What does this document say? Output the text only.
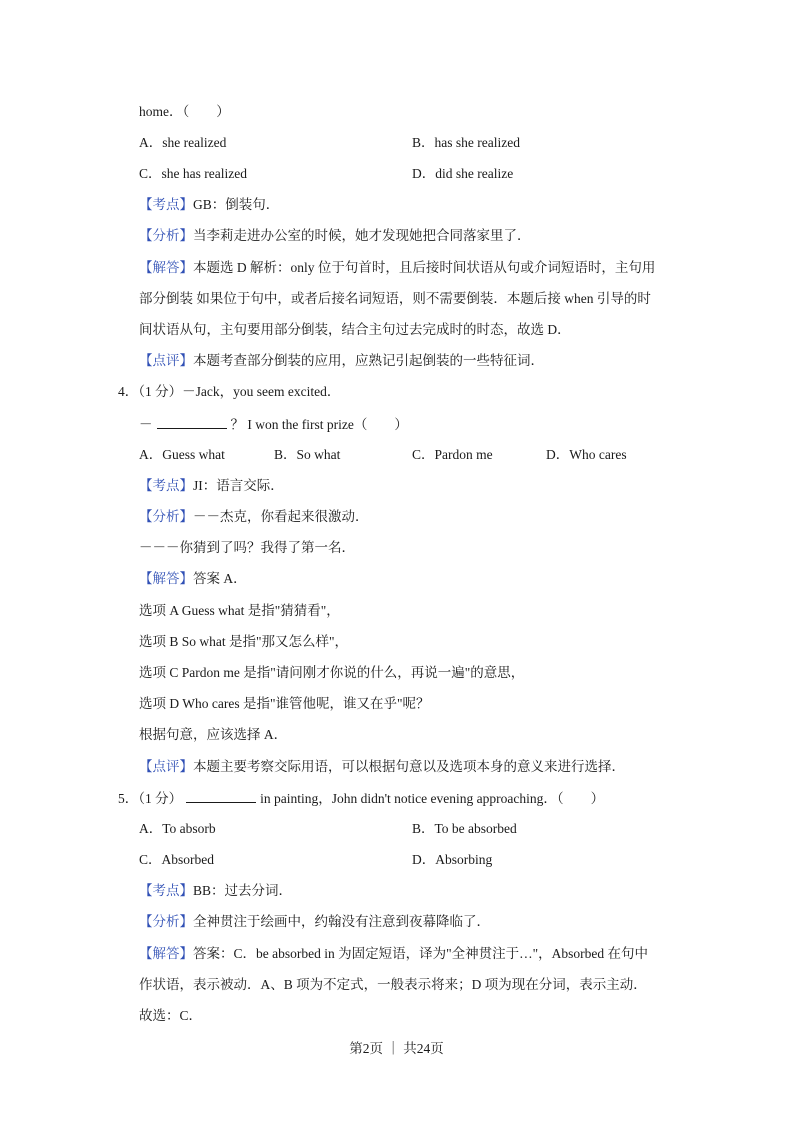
home．（　　）
A．she realized	B．has she realized
C．she has realized	D．did she realize
【考点】GB：倒装句．
【分析】当李莉走进办公室的时候，她才发现她把合同落家里了．
【解答】本题选 D 解析：only 位于句首时，且后接时间状语从句或介词短语时，主句用
部分倒装 如果位于句中，或者后接名词短语，则不需要倒装．本题后接 when 引导的时
间状语从句，主句要用部分倒装，结合主句过去完成时的时态，故选 D．
【点评】本题考查部分倒装的应用，应熟记引起倒装的一些特征词．
4．（1 分）－Jack，you seem excited．
－	？ I won the first prize（　　）
A．Guess what	B．So what	C．Pardon me	D．Who cares
【考点】JI：语言交际．
【分析】－－杰克，你看起来很激动．
－－－你猜到了吗？我得了第一名．
【解答】答案 A．
选项 A Guess what 是指"猜猜看"，
选项 B So what 是指"那又怎么样"，
选项 C Pardon me 是指"请问刚才你说的什么，再说一遍"的意思，
选项 D Who cares 是指"谁管他呢，谁又在乎"呢？
根据句意，应该选择 A．
【点评】本题主要考察交际用语，可以根据句意以及选项本身的意义来进行选择．
5．（1 分）	in painting，John didn't notice evening approaching．（　　）
A．To absorb	B．To be absorbed
C．Absorbed	D．Absorbing
【考点】BB：过去分词．
【分析】全神贯注于绘画中，约翰没有注意到夜幕降临了．
【解答】答案：C．be absorbed in 为固定短语，译为"全神贯注于…"，Absorbed 在句中
作状语，表示被动．A、B 项为不定式，一般表示将来；D 项为现在分词，表示主动．
故选：C．
第2页 ｜ 共24页
